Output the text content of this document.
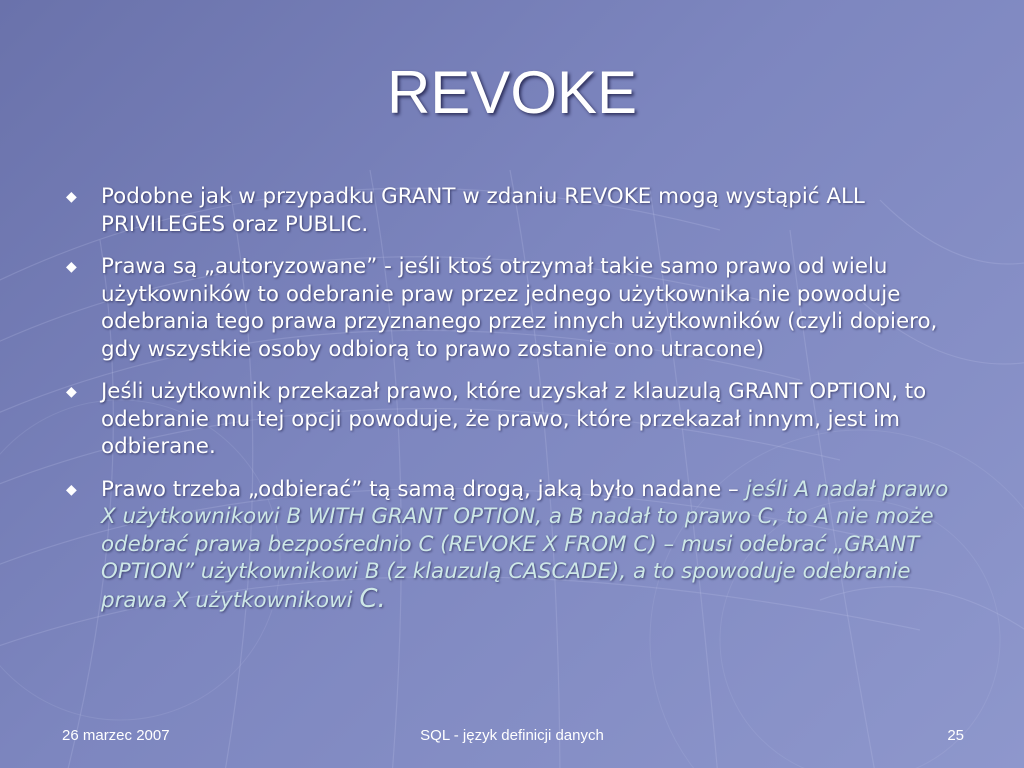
REVOKE
◆ Podobne jak w przypadku GRANT w zdaniu REVOKE mogą wystąpić ALL PRIVILEGES oraz PUBLIC.
◆ Prawa są „autoryzowane” - jeśli ktoś otrzymał takie samo prawo od wielu użytkowników to odebranie praw przez jednego użytkownika nie powoduje odebrania tego prawa przyznanego przez innych użytkowników (czyli dopiero, gdy wszystkie osoby odbiorą to prawo zostanie ono utracone)
◆ Jeśli użytkownik przekazał prawo, które uzyskał z klauzulą GRANT OPTION, to odebranie mu tej opcji powoduje, że prawo, które przekazał innym, jest im odbierane.
◆ Prawo trzeba „odbierać” tą samą drogą, jaką było nadane – jeśli A nadał prawo X użytkownikowi B WITH GRANT OPTION, a B nadał to prawo C, to A nie może odebrać prawa bezpośrednio C (REVOKE X FROM C) – musi odebrać „GRANT OPTION” użytkownikowi B (z klauzulą CASCADE), a to spowoduje odebranie prawa X użytkownikowi C.
26 marzec 2007	SQL - język definicji danych	25
